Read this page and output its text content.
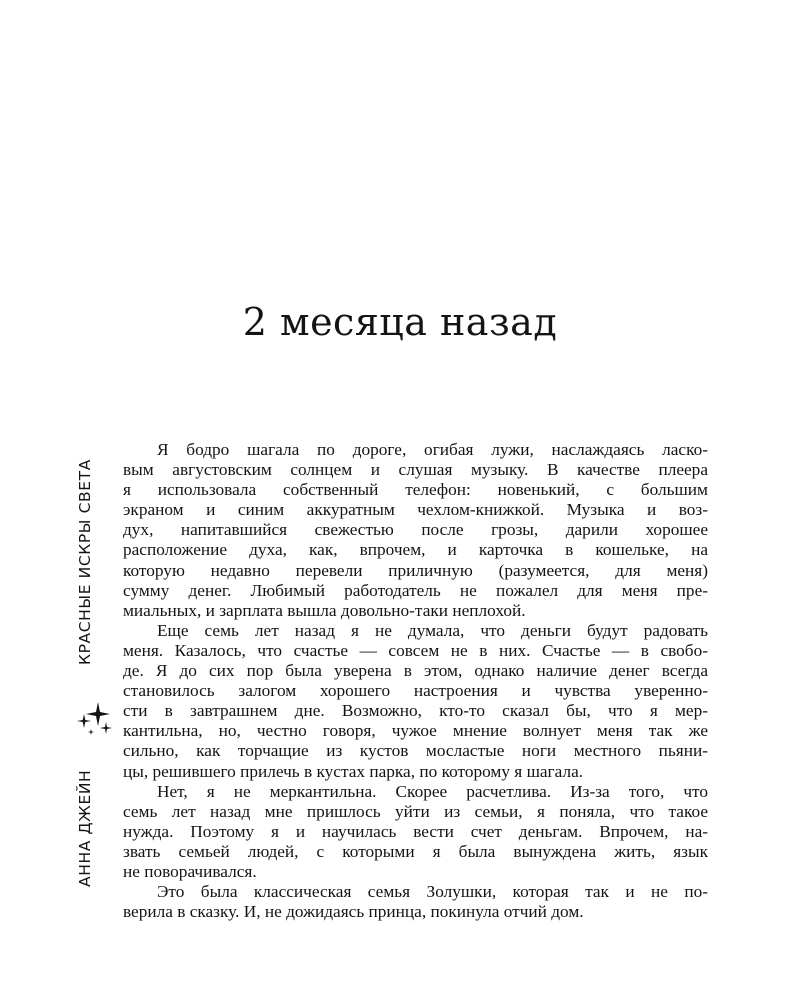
КРАСНЫЕ ИСКРЫ СВЕТА
АННА ДЖЕЙН
2 месяца назад
Я бодро шагала по дороге, огибая лужи, наслаждаясь ласко-
вым августовским солнцем и слушая музыку. В качестве плеера
я использовала собственный телефон: новенький, с большим
экраном и синим аккуратным чехлом-книжкой. Музыка и воз-
дух, напитавшийся свежестью после грозы, дарили хорошее
расположение духа, как, впрочем, и карточка в кошельке, на
которую недавно перевели приличную (разумеется, для меня)
сумму денег. Любимый работодатель не пожалел для меня пре-
миальных, и зарплата вышла довольно-таки неплохой.
Еще семь лет назад я не думала, что деньги будут радовать
меня. Казалось, что счастье — совсем не в них. Счастье — в свобо-
де. Я до сих пор была уверена в этом, однако наличие денег всегда
становилось залогом хорошего настроения и чувства уверенно-
сти в завтрашнем дне. Возможно, кто-то сказал бы, что я мер-
кантильна, но, честно говоря, чужое мнение волнует меня так же
сильно, как торчащие из кустов мосластые ноги местного пьяни-
цы, решившего прилечь в кустах парка, по которому я шагала.
Нет, я не меркантильна. Скорее расчетлива. Из-за того, что
семь лет назад мне пришлось уйти из семьи, я поняла, что такое
нужда. Поэтому я и научилась вести счет деньгам. Впрочем, на-
звать семьей людей, с которыми я была вынуждена жить, язык
не поворачивался.
Это была классическая семья Золушки, которая так и не по-
верила в сказку. И, не дожидаясь принца, покинула отчий дом.
